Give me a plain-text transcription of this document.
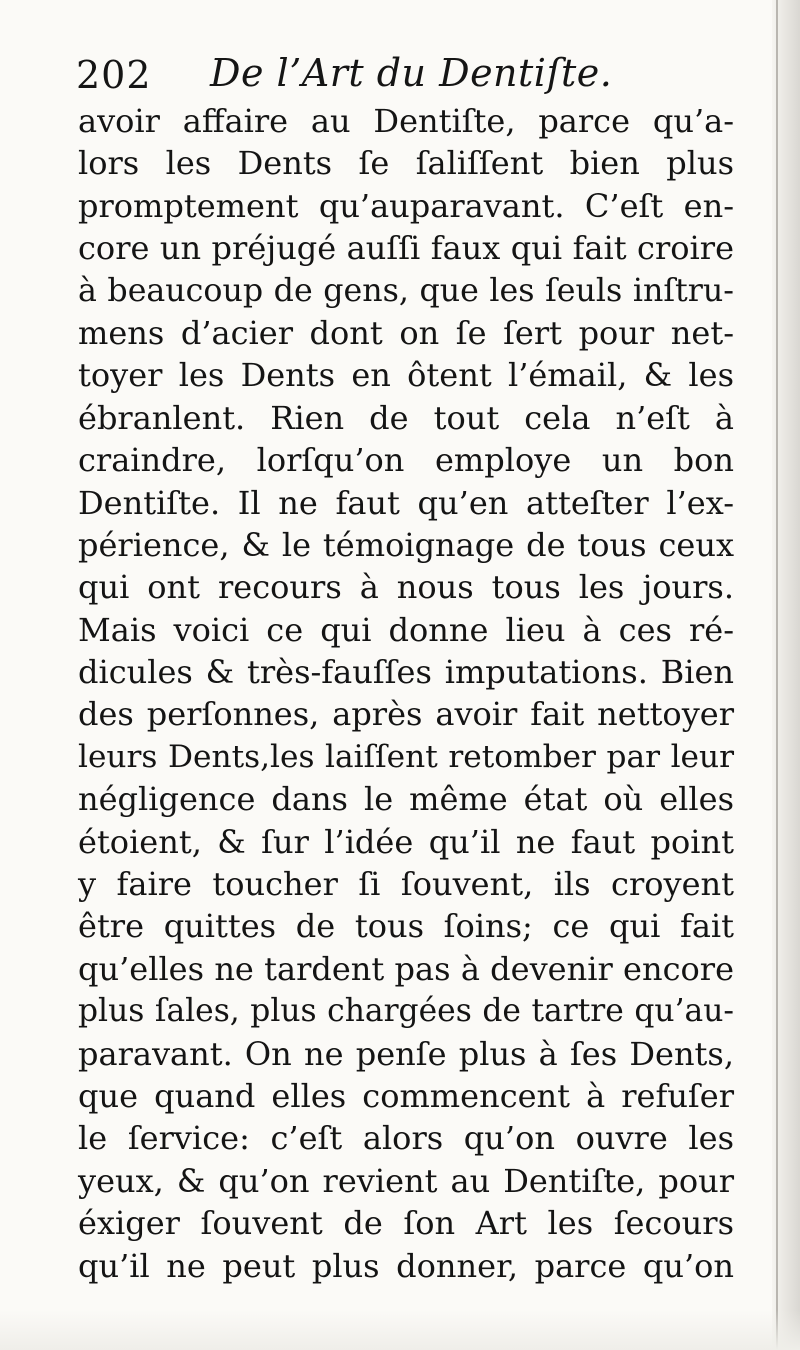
202 De l’Art du Dentiſte.
avoir affaire au Dentiſte, parce qu’a-
lors les Dents ſe ſaliſſent bien plus
promptement qu’auparavant. C’eſt en-
core un préjugé auſſi faux qui fait croire
à beaucoup de gens, que les ſeuls inſtru-
mens d’acier dont on ſe ſert pour net-
toyer les Dents en ôtent l’émail, & les
ébranlent. Rien de tout cela n’eſt à
craindre, lorſqu’on employe un bon
Dentiſte. Il ne faut qu’en atteſter l’ex-
périence, & le témoignage de tous ceux
qui ont recours à nous tous les jours.
Mais voici ce qui donne lieu à ces ré-
dicules & très-fauſſes imputations. Bien
des perſonnes, après avoir fait nettoyer
leurs Dents,les laiſſent retomber par leur
négligence dans le même état où elles
étoient, & ſur l’idée qu’il ne faut point
y faire toucher ſi ſouvent, ils croyent
être quittes de tous ſoins; ce qui fait
qu’elles ne tardent pas à devenir encore
plus ſales, plus chargées de tartre qu’au-
paravant. On ne penſe plus à ſes Dents,
que quand elles commencent à refuſer
le ſervice: c’eſt alors qu’on ouvre les
yeux, & qu’on revient au Dentiſte, pour
éxiger ſouvent de ſon Art les ſecours
qu’il ne peut plus donner, parce qu’on
